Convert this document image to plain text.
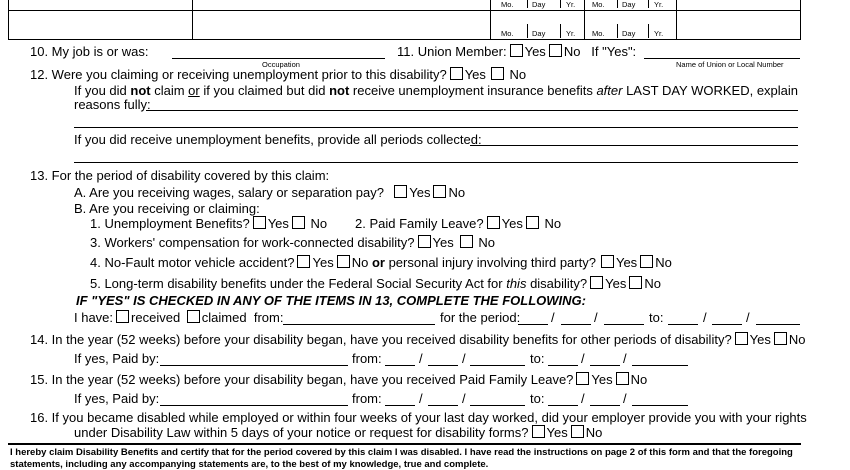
Mo. Day	Yr. Mo. Day Yr.
Mo. Day	Yr. Mo. Day Yr.
10. My job is or was:
Occupation
11. Union Member: Yes No If "Yes":
Name of Union or Local Number
12. Were you claiming or receiving unemployment prior to this disability? Yes No
If you did not claim or if you claimed but did not receive unemployment insurance benefits after LAST DAY WORKED, explain
reasons fully:
If you did receive unemployment benefits, provide all periods collected:
13. For the period of disability covered by this claim:
A. Are you receiving wages, salary or separation pay? Yes No
B. Are you receiving or claiming:
1. Unemployment Benefits? Yes No 2. Paid Family Leave? Yes No
3. Workers' compensation for work-connected disability? Yes No
4. No-Fault motor vehicle accident? Yes No or personal injury involving third party? Yes No
5. Long-term disability benefits under the Federal Social Security Act for this disability? Yes No
IF "YES" IS CHECKED IN ANY OF THE ITEMS IN 13, COMPLETE THE FOLLOWING:
I have: received claimed from:	for the period: /	/	to:	/	/
14. In the year (52 weeks) before your disability began, have you received disability benefits for other periods of disability? Yes No
If yes, Paid by:	from:	/	/	to:	/	/
15. In the year (52 weeks) before your disability began, have you received Paid Family Leave? Yes No
If yes, Paid by:	from:	/	/	to:	/	/
16. If you became disabled while employed or within four weeks of your last day worked, did your employer provide you with your rights
under Disability Law within 5 days of your notice or request for disability forms? Yes No
I hereby claim Disability Benefits and certify that for the period covered by this claim I was disabled. I have read the instructions on page 2 of this form and that the foregoing
statements, including any accompanying statements are, to the best of my knowledge, true and complete.
